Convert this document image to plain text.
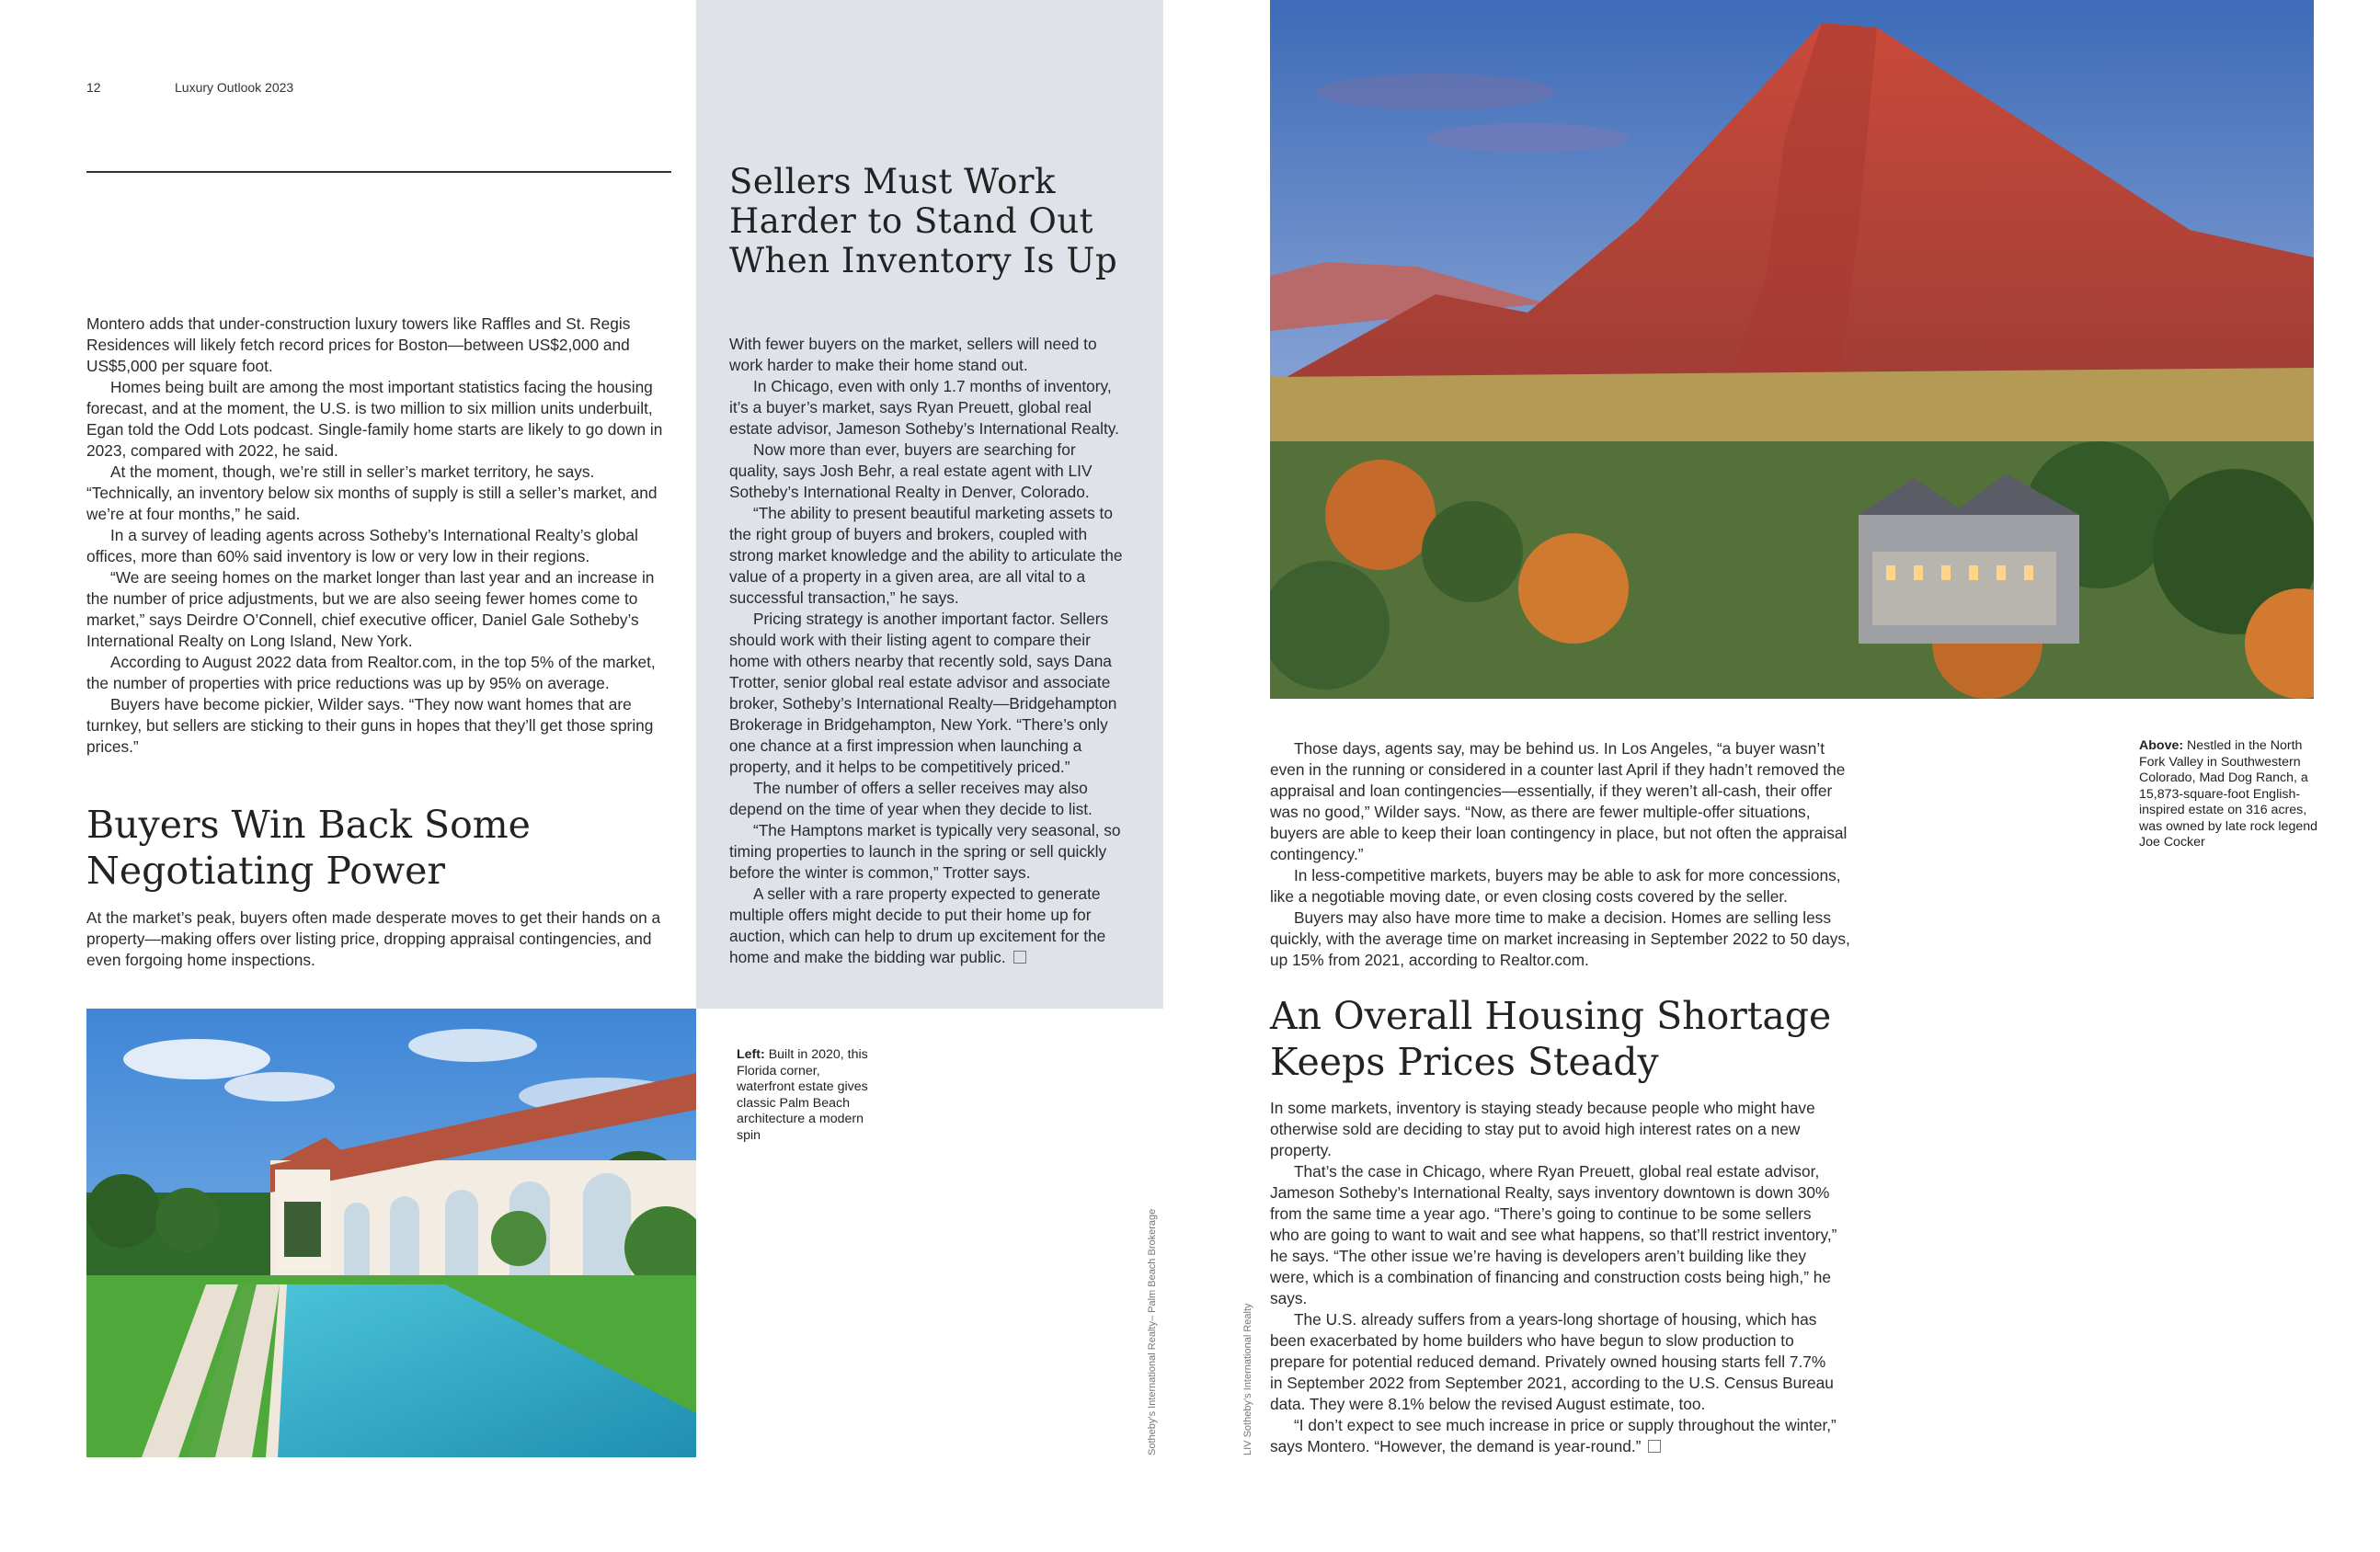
12	Luxury Outlook 2023

Montero adds that under-construction luxury towers like Raffles and St. Regis Residences will likely fetch record prices for Boston—between US$2,000 and US$5,000 per square foot.

Homes being built are among the most important statistics facing the housing forecast, and at the moment, the U.S. is two million to six million units underbuilt, Egan told the Odd Lots podcast. Single-family home starts are likely to go down in 2023, compared with 2022, he said.

At the moment, though, we’re still in seller’s market territory, he says. “Technically, an inventory below six months of supply is still a seller’s market, and we’re at four months,” he said.

In a survey of leading agents across Sotheby’s International Realty’s global offices, more than 60% said inventory is low or very low in their regions.

“We are seeing homes on the market longer than last year and an increase in the number of price adjustments, but we are also seeing fewer homes come to market,” says Deirdre O’Connell, chief executive officer, Daniel Gale Sotheby’s International Realty on Long Island, New York.

According to August 2022 data from Realtor.com, in the top 5% of the market, the number of properties with price reductions was up by 95% on average.

Buyers have become pickier, Wilder says. “They now want homes that are turnkey, but sellers are sticking to their guns in hopes that they’ll get those spring prices.”

Buyers Win Back Some Negotiating Power

At the market’s peak, buyers often made desperate moves to get their hands on a property—making offers over listing price, dropping appraisal contingencies, and even forgoing home inspections.

Sellers Must Work Harder to Stand Out When Inventory Is Up

With fewer buyers on the market, sellers will need to work harder to make their home stand out.

In Chicago, even with only 1.7 months of inventory, it’s a buyer’s market, says Ryan Preuett, global real estate advisor, Jameson Sotheby’s International Realty.

Now more than ever, buyers are searching for quality, says Josh Behr, a real estate agent with LIV Sotheby’s International Realty in Denver, Colorado.

“The ability to present beautiful marketing assets to the right group of buyers and brokers, coupled with strong market knowledge and the ability to articulate the value of a property in a given area, are all vital to a successful transaction,” he says.

Pricing strategy is another important factor. Sellers should work with their listing agent to compare their home with others nearby that recently sold, says Dana Trotter, senior global real estate advisor and associate broker, Sotheby’s International Realty—Bridgehampton Brokerage in Bridgehampton, New York. “There’s only one chance at a first impression when launching a property, and it helps to be competitively priced.”

The number of offers a seller receives may also depend on the time of year when they decide to list.

“The Hamptons market is typically very seasonal, so timing properties to launch in the spring or sell quickly before the winter is common,” Trotter says.

A seller with a rare property expected to generate multiple offers might decide to put their home up for auction, which can help to drum up excitement for the home and make the bidding war public.

Left: Built in 2020, this Florida corner, waterfront estate gives classic Palm Beach architecture a modern spin
Sotheby’s International Realty– Palm Beach Brokerage	LIV Sotheby’s International Realty

Those days, agents say, may be behind us. In Los Angeles, “a buyer wasn’t even in the running or considered in a counter last April if they hadn’t removed the appraisal and loan contingencies—essentially, if they weren’t all-cash, their offer was no good,” Wilder says. “Now, as there are fewer multiple-offer situations, buyers are able to keep their loan contingency in place, but not often the appraisal contingency.”

In less-competitive markets, buyers may be able to ask for more concessions, like a negotiable moving date, or even closing costs covered by the seller.

Buyers may also have more time to make a decision. Homes are selling less quickly, with the average time on market increasing in September 2022 to 50 days, up 15% from 2021, according to Realtor.com.

Above: Nestled in the North Fork Valley in Southwestern Colorado, Mad Dog Ranch, a 15,873-square-foot English-inspired estate on 316 acres, was owned by late rock legend Joe Cocker
An Overall Housing Shortage Keeps Prices Steady

In some markets, inventory is staying steady because people who might have otherwise sold are deciding to stay put to avoid high interest rates on a new property.

That’s the case in Chicago, where Ryan Preuett, global real estate advisor, Jameson Sotheby’s International Realty, says inventory downtown is down 30% from the same time a year ago. “There’s going to continue to be some sellers who are going to want to wait and see what happens, so that’ll restrict inventory,” he says. “The other issue we’re having is developers aren’t building like they were, which is a combination of financing and construction costs being high,” he says.

The U.S. already suffers from a years-long shortage of housing, which has been exacerbated by home builders who have begun to slow production to prepare for potential reduced demand. Privately owned housing starts fell 7.7% in September 2022 from September 2021, according to the U.S. Census Bureau data. They were 8.1% below the revised August estimate, too.

“I don’t expect to see much increase in price or supply throughout the winter,” says Montero. “However, the demand is year-round.”
